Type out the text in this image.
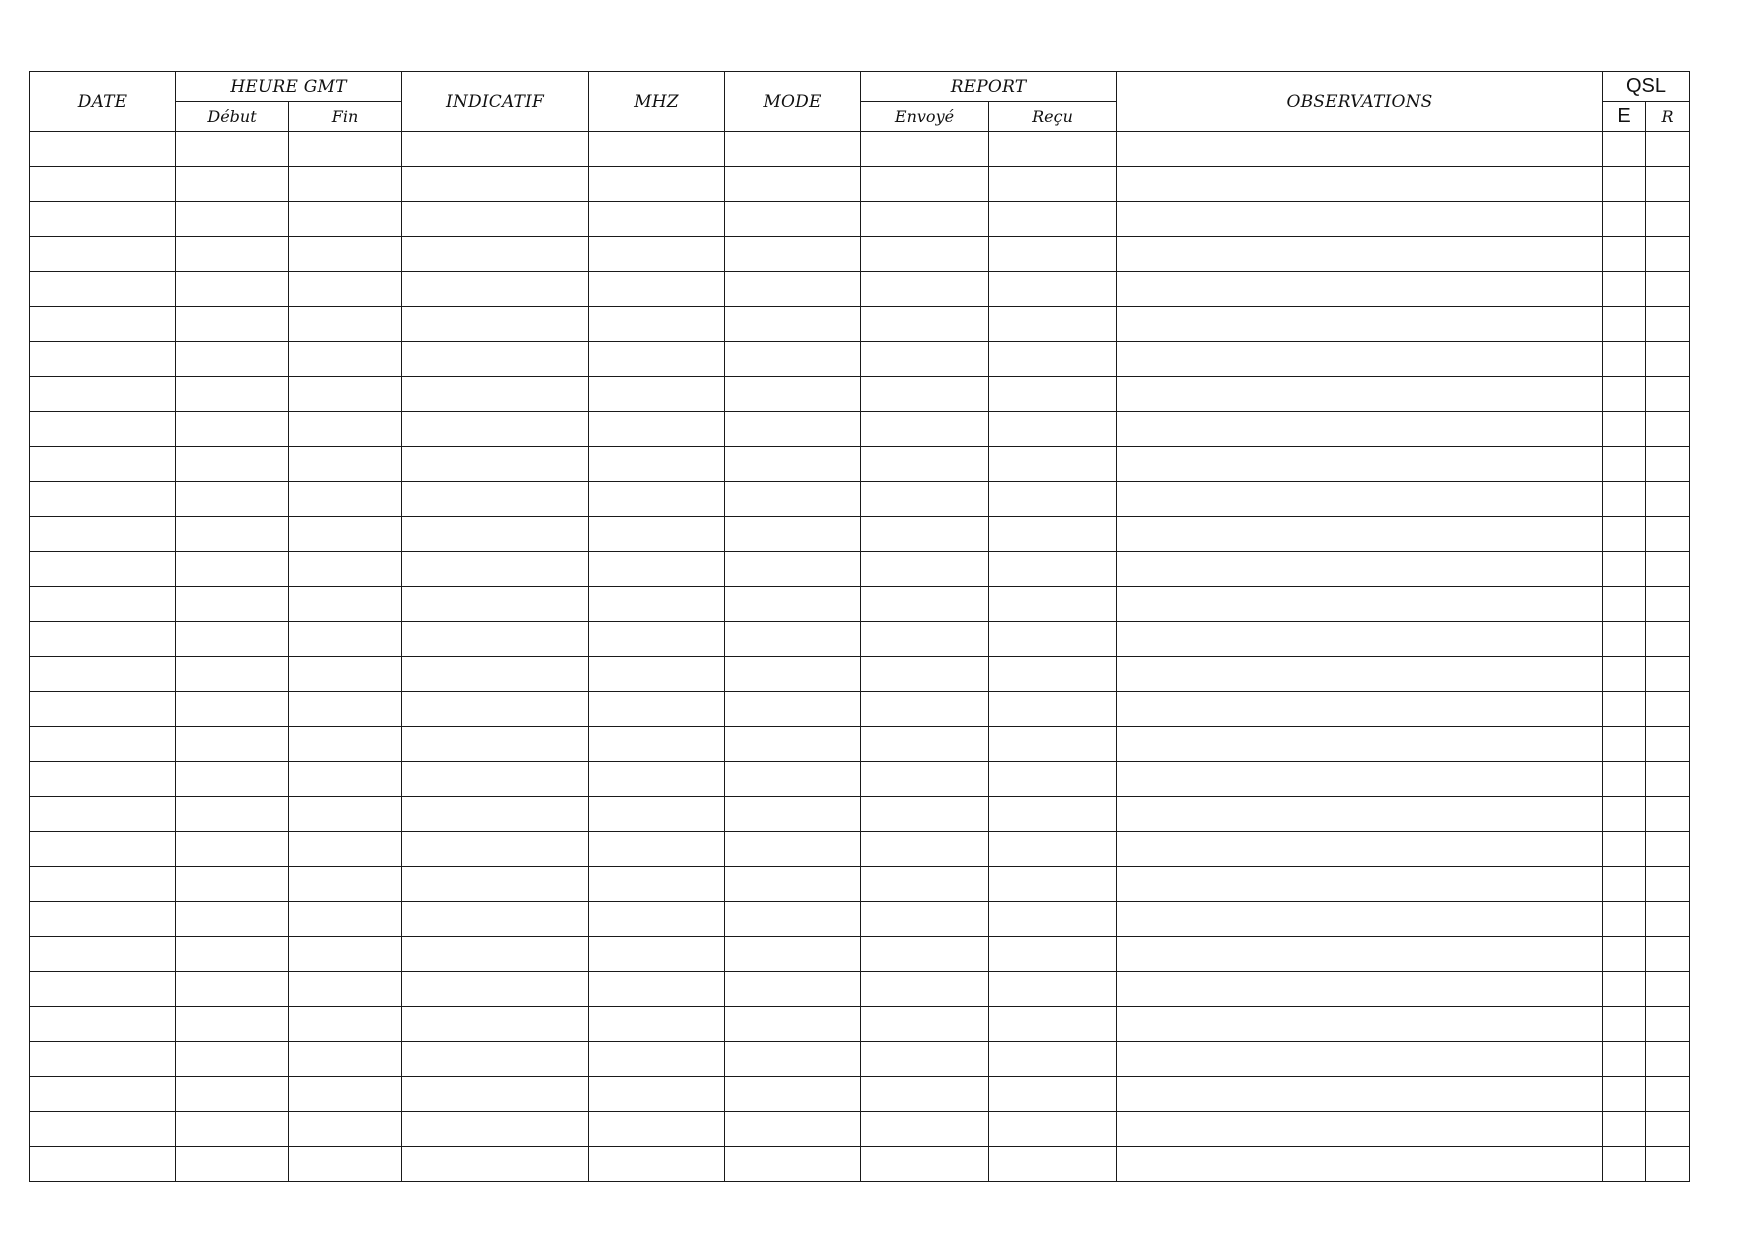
DATE	HEURE GMT		INDICATIF	MHZ	MODE	REPORT		OBSERVATIONS	QSL	
	Début	Fin				Envoyé	Reçu		E	R
